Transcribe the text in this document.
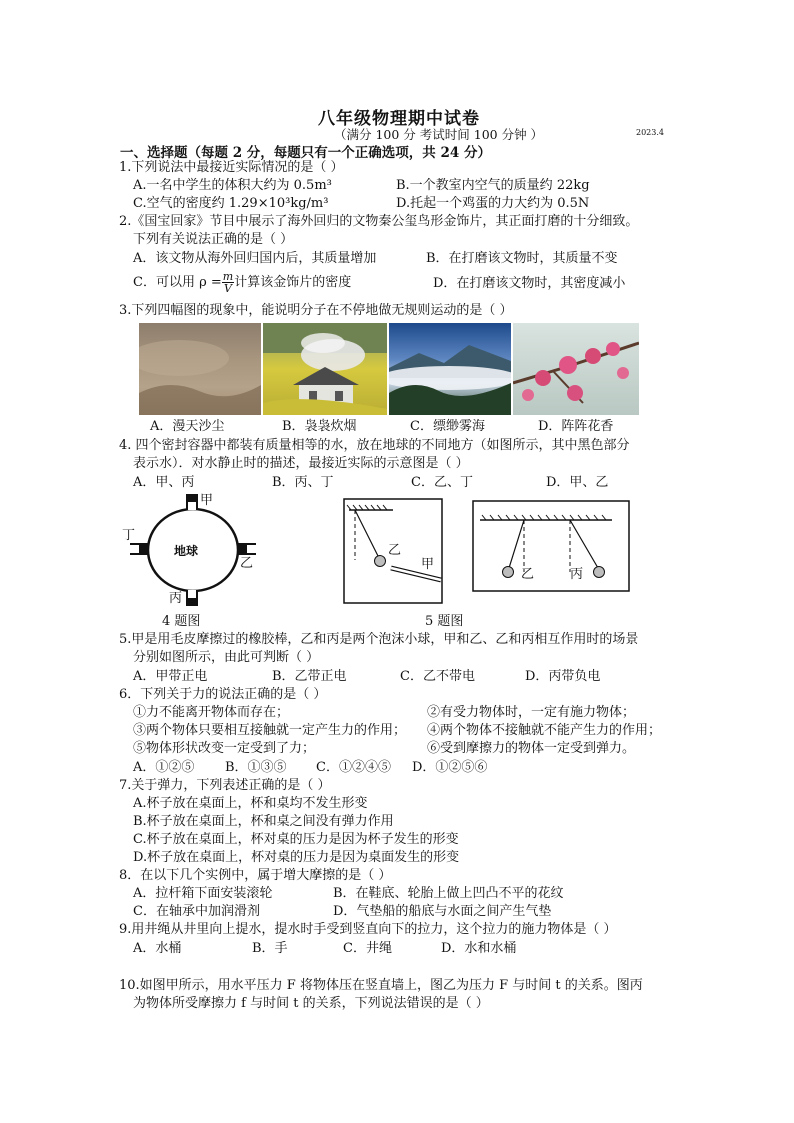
八年级物理期中试卷
（满分 100 分 考试时间 100 分钟 ）	2023.4
一、选择题（每题 2 分，每题只有一个正确选项，共 24 分）
1.下列说法中最接近实际情况的是（ ）
A.一名中学生的体积大约为 0.5m³	B.一个教室内空气的质量约 22kg
C.空气的密度约 1.29×10³kg/m³	D.托起一个鸡蛋的力大约为 0.5N
2.《国宝回家》节目中展示了海外回归的文物秦公玺鸟形金饰片，其正面打磨的十分细致。
下列有关说法正确的是（ ）
A．该文物从海外回归国内后，其质量增加	B．在打磨该文物时，其质量不变
C．可以用 $\rho = \frac{m}{V}$ 计算该金饰片的密度	D．在打磨该文物时，其密度减小
3.下列四幅图的现象中，能说明分子在不停地做无规则运动的是（ ）
A．漫天沙尘	B．袅袅炊烟	C．缥缈雾海	D．阵阵花香
4. 四个密封容器中都装有质量相等的水，放在地球的不同地方（如图所示，其中黑色部分
表示水）．对水静止时的描述，最接近实际的示意图是（ ）
A．甲、丙	B．丙、丁	C．乙、丁	D．甲、乙
地球
甲
乙
丙
丁
4 题图
乙
甲
乙	丙
5 题图
5.甲是用毛皮摩擦过的橡胶棒，乙和丙是两个泡沫小球，甲和乙、乙和丙相互作用时的场景
分别如图所示，由此可判断（ ）
A．甲带正电	B．乙带正电	C．乙不带电	D．丙带负电
6．下列关于力的说法正确的是（ ）
①力不能离开物体而存在；	②有受力物体时，一定有施力物体；
③两个物体只要相互接触就一定产生力的作用； ④两个物体不接触就不能产生力的作用；
⑤物体形状改变一定受到了力；	⑥受到摩擦力的物体一定受到弹力。
A．①②⑤ B．①③⑤ C．①②④⑤ D．①②⑤⑥
7.关于弹力，下列表述正确的是（ ）
A.杯子放在桌面上，杯和桌均不发生形变
B.杯子放在桌面上，杯和桌之间没有弹力作用
C.杯子放在桌面上，杯对桌的压力是因为杯子发生的形变
D.杯子放在桌面上，杯对桌的压力是因为桌面发生的形变
8．在以下几个实例中，属于增大摩擦的是（ ）
A．拉杆箱下面安装滚轮	B．在鞋底、轮胎上做上凹凸不平的花纹
C．在轴承中加润滑剂	D．气垫船的船底与水面之间产生气垫
9.用井绳从井里向上提水，提水时手受到竖直向下的拉力，这个拉力的施力物体是（ ）
A．水桶	B．手	C．井绳	D．水和水桶
10.如图甲所示，用水平压力 F 将物体压在竖直墙上，图乙为压力 F 与时间 t 的关系。图丙
为物体所受摩擦力 f 与时间 t 的关系，下列说法错误的是（ ）
